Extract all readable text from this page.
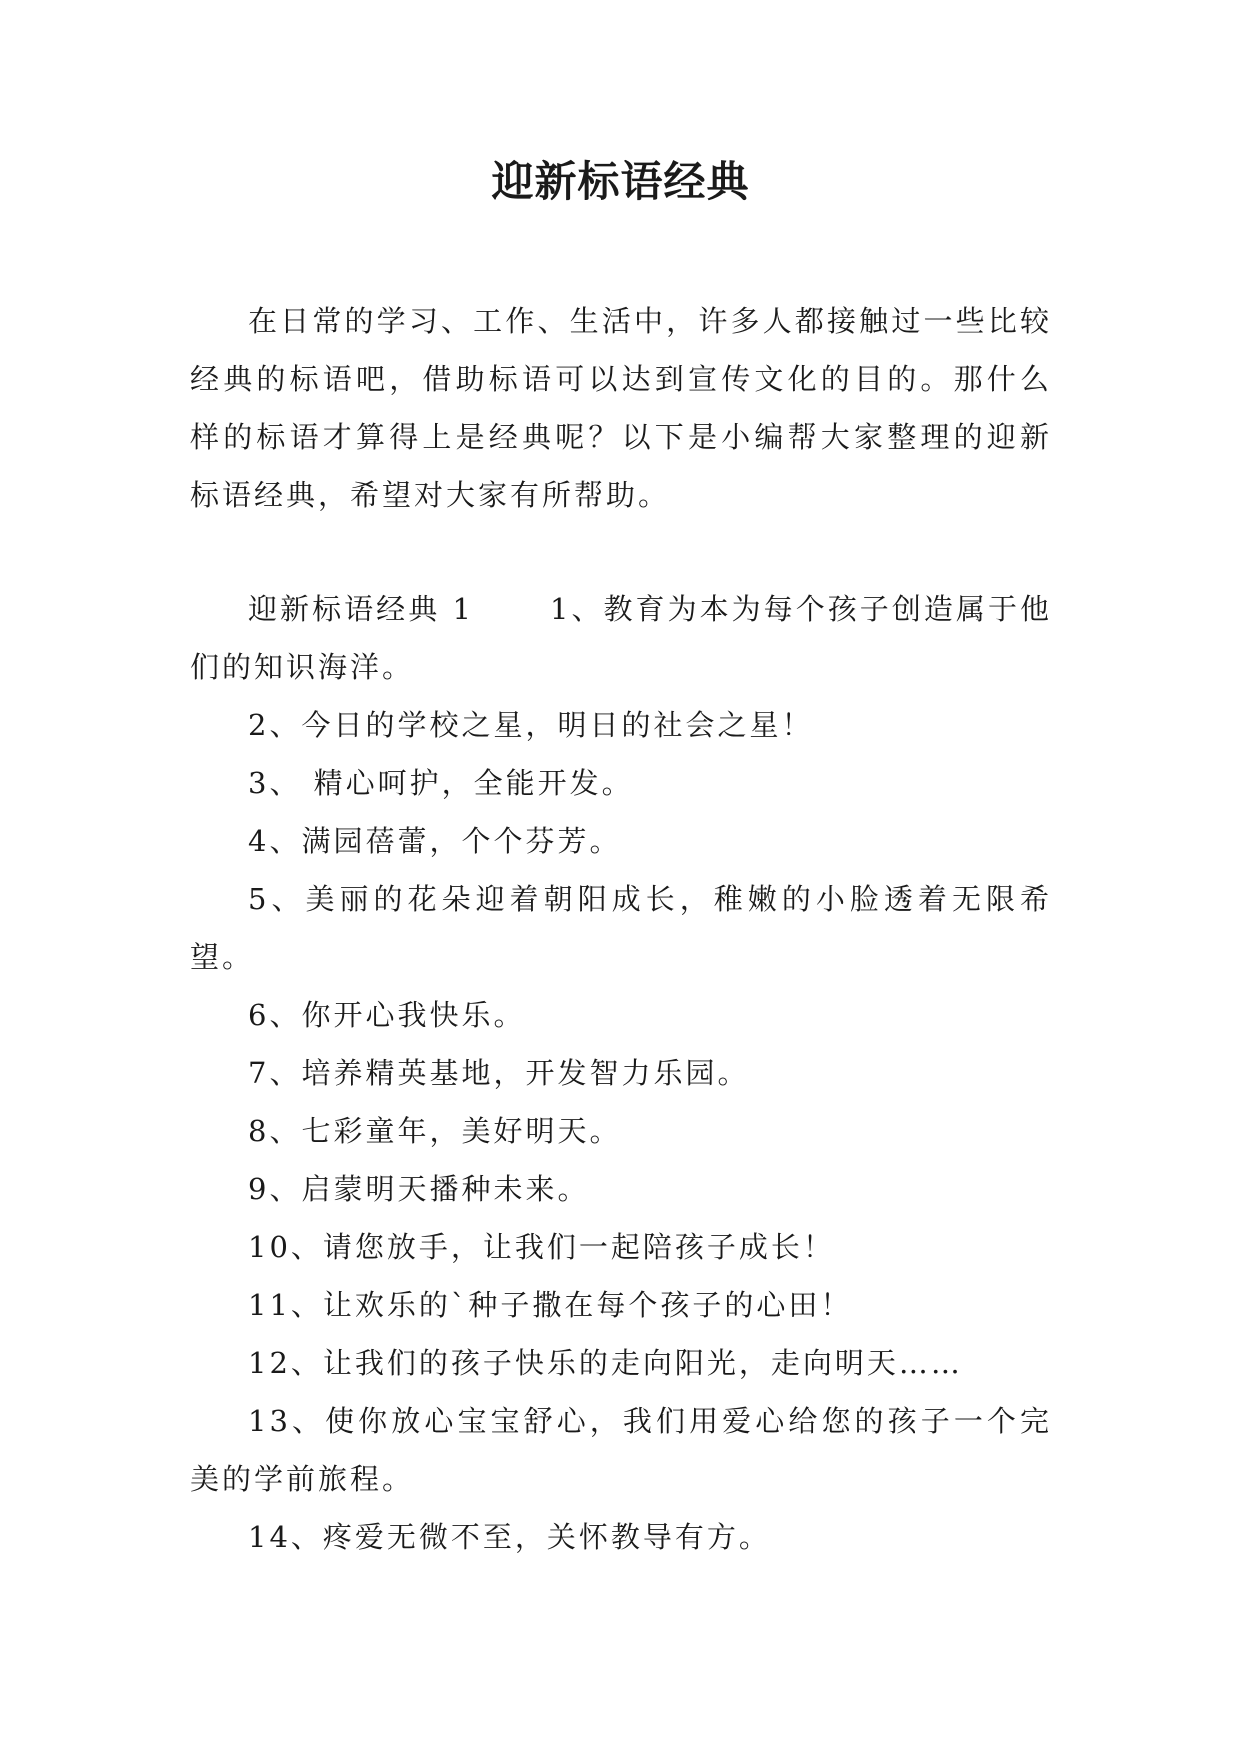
迎新标语经典

在日常的学习、工作、生活中，许多人都接触过一些比较经典的标语吧，借助标语可以达到宣传文化的目的。那什么样的标语才算得上是经典呢？以下是小编帮大家整理的迎新标语经典，希望对大家有所帮助。

迎新标语经典 1	1、教育为本为每个孩子创造属于他们的知识海洋。

2、今日的学校之星，明日的社会之星！

3、 精心呵护，全能开发。

4、满园蓓蕾，个个芬芳。

5、美丽的花朵迎着朝阳成长，稚嫩的小脸透着无限希望。

6、你开心我快乐。

7、培养精英基地，开发智力乐园。

8、七彩童年，美好明天。

9、启蒙明天播种未来。

10、请您放手，让我们一起陪孩子成长！

11、让欢乐的`种子撒在每个孩子的心田！

12、让我们的孩子快乐的走向阳光，走向明天……

13、使你放心宝宝舒心，我们用爱心给您的孩子一个完美的学前旅程。

14、疼爱无微不至，关怀教导有方。
